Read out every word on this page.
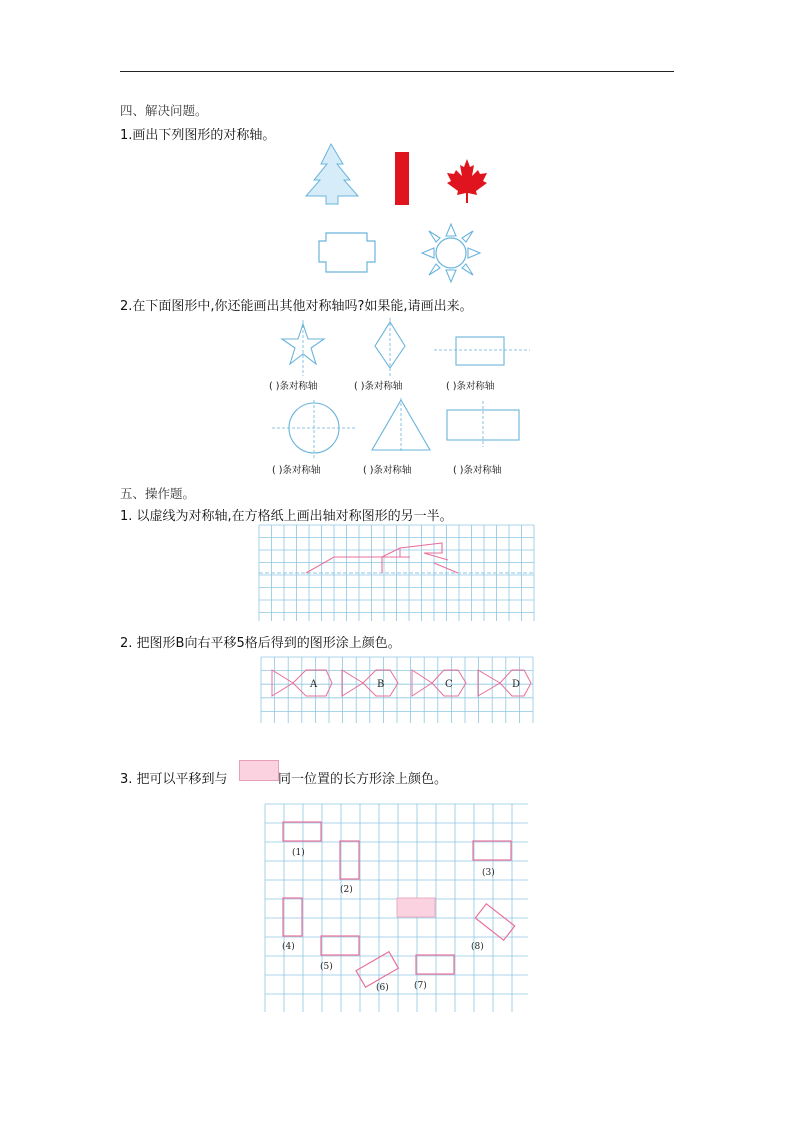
四、解决问题。
1.画出下列图形的对称轴。
2.在下面图形中,你还能画出其他对称轴吗?如果能,请画出来。
( )条对称轴	( )条对称轴	( )条对称轴
( )条对称轴	( )条对称轴	( )条对称轴
五、操作题。
1. 以虚线为对称轴,在方格纸上画出轴对称图形的另一半。
2. 把图形B向右平移5格后得到的图形涂上颜色。
A	B	C	D
3. 把可以平移到与	同一位置的长方形涂上颜色。
(1)
(2)
(3)
(4)
(5)
(6)	(7)
(8)
